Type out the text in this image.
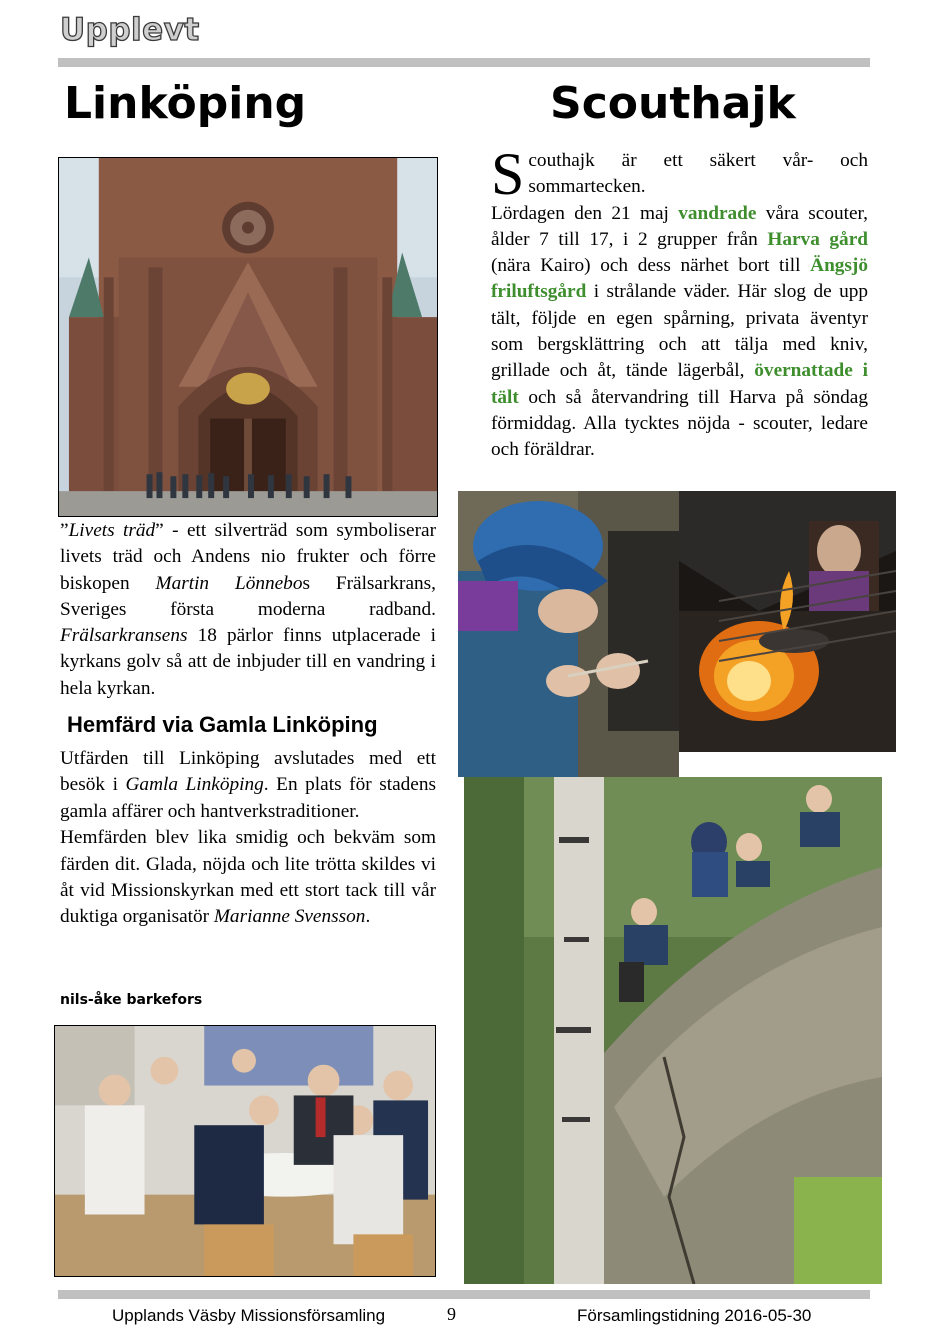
Upplevt
Linköping	Scouthajk

”Livets träd” - ett silverträd som symboliserar livets träd och Andens nio frukter och förre biskopen Martin Lönnebos Frälsarkrans, Sveriges första moderna radband. Frälsarkransens 18 pärlor finns utplacerade i kyrkans golv så att de inbjuder till en vandring i hela kyrkan.

Hemfärd via Gamla Linköping

Utfärden till Linköping avslutades med ett besök i Gamla Linköping. En plats för stadens gamla affärer och hantverkstraditioner.

Hemfärden blev lika smidig och bekväm som färden dit. Glada, nöjda och lite trötta skildes vi åt vid Missionskyrkan med ett stort tack till vår duktiga organisatör Marianne Svensson.

nils-åke barkefors

Scouthajk är ett säkert vår- och sommartecken.

Lördagen den 21 maj vandrade våra scouter, ålder 7 till 17, i 2 grupper från Harva gård (nära Kairo) och dess närhet bort till Ängsjö friluftsgård i strålande väder. Här slog de upp tält, följde en egen spårning, privata äventyr som bergsklättring och att tälja med kniv, grillade och åt, tände lägerbål, övernattade i tält och så återvandring till Harva på söndag förmiddag. Alla tycktes nöjda - scouter, ledare och föräldrar.

Upplands Väsby Missionsförsamling	9	Församlingstidning 2016-05-30
